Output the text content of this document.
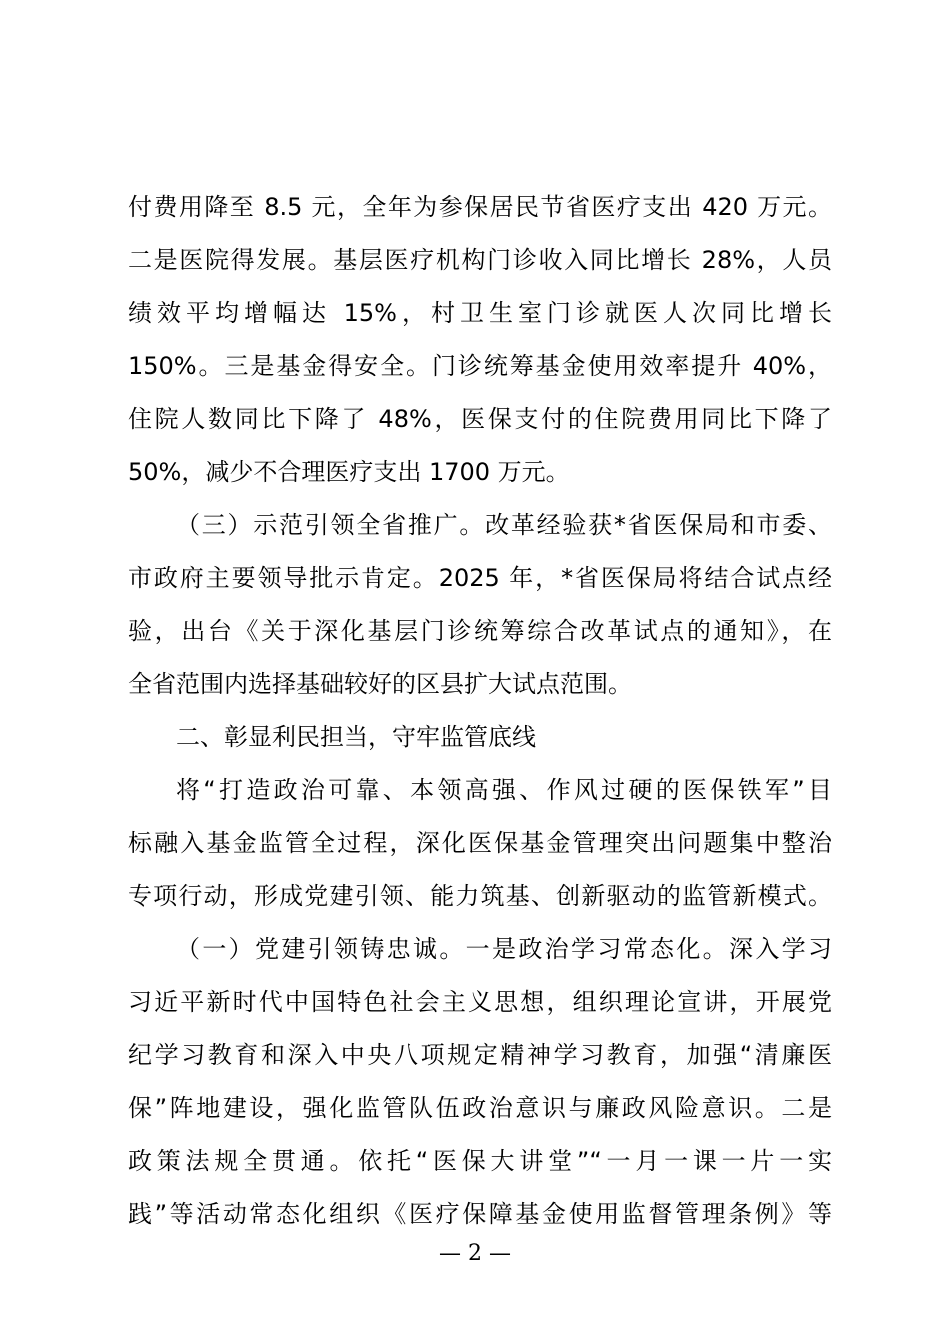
付费用降至 8.5 元，全年为参保居民节省医疗支出 420 万元。
二是医院得发展。基层医疗机构门诊收入同比增长 28%，人员
绩效平均增幅达 15%，村卫生室门诊就医人次同比增长
150%。三是基金得安全。门诊统筹基金使用效率提升 40%，
住院人数同比下降了 48%，医保支付的住院费用同比下降了
50%，减少不合理医疗支出 1700 万元。
（三）示范引领全省推广。改革经验获*省医保局和市委、
市政府主要领导批示肯定。2025 年，*省医保局将结合试点经
验，出台《关于深化基层门诊统筹综合改革试点的通知》，在
全省范围内选择基础较好的区县扩大试点范围。
二、彰显利民担当，守牢监管底线
将“打造政治可靠、本领高强、作风过硬的医保铁军”目
标融入基金监管全过程，深化医保基金管理突出问题集中整治
专项行动，形成党建引领、能力筑基、创新驱动的监管新模式。
（一）党建引领铸忠诚。一是政治学习常态化。深入学习
习近平新时代中国特色社会主义思想，组织理论宣讲，开展党
纪学习教育和深入中央八项规定精神学习教育，加强“清廉医
保”阵地建设，强化监管队伍政治意识与廉政风险意识。二是
政策法规全贯通。依托“医保大讲堂”“一月一课一片一实
践”等活动常态化组织《医疗保障基金使用监督管理条例》等
— 2 —
